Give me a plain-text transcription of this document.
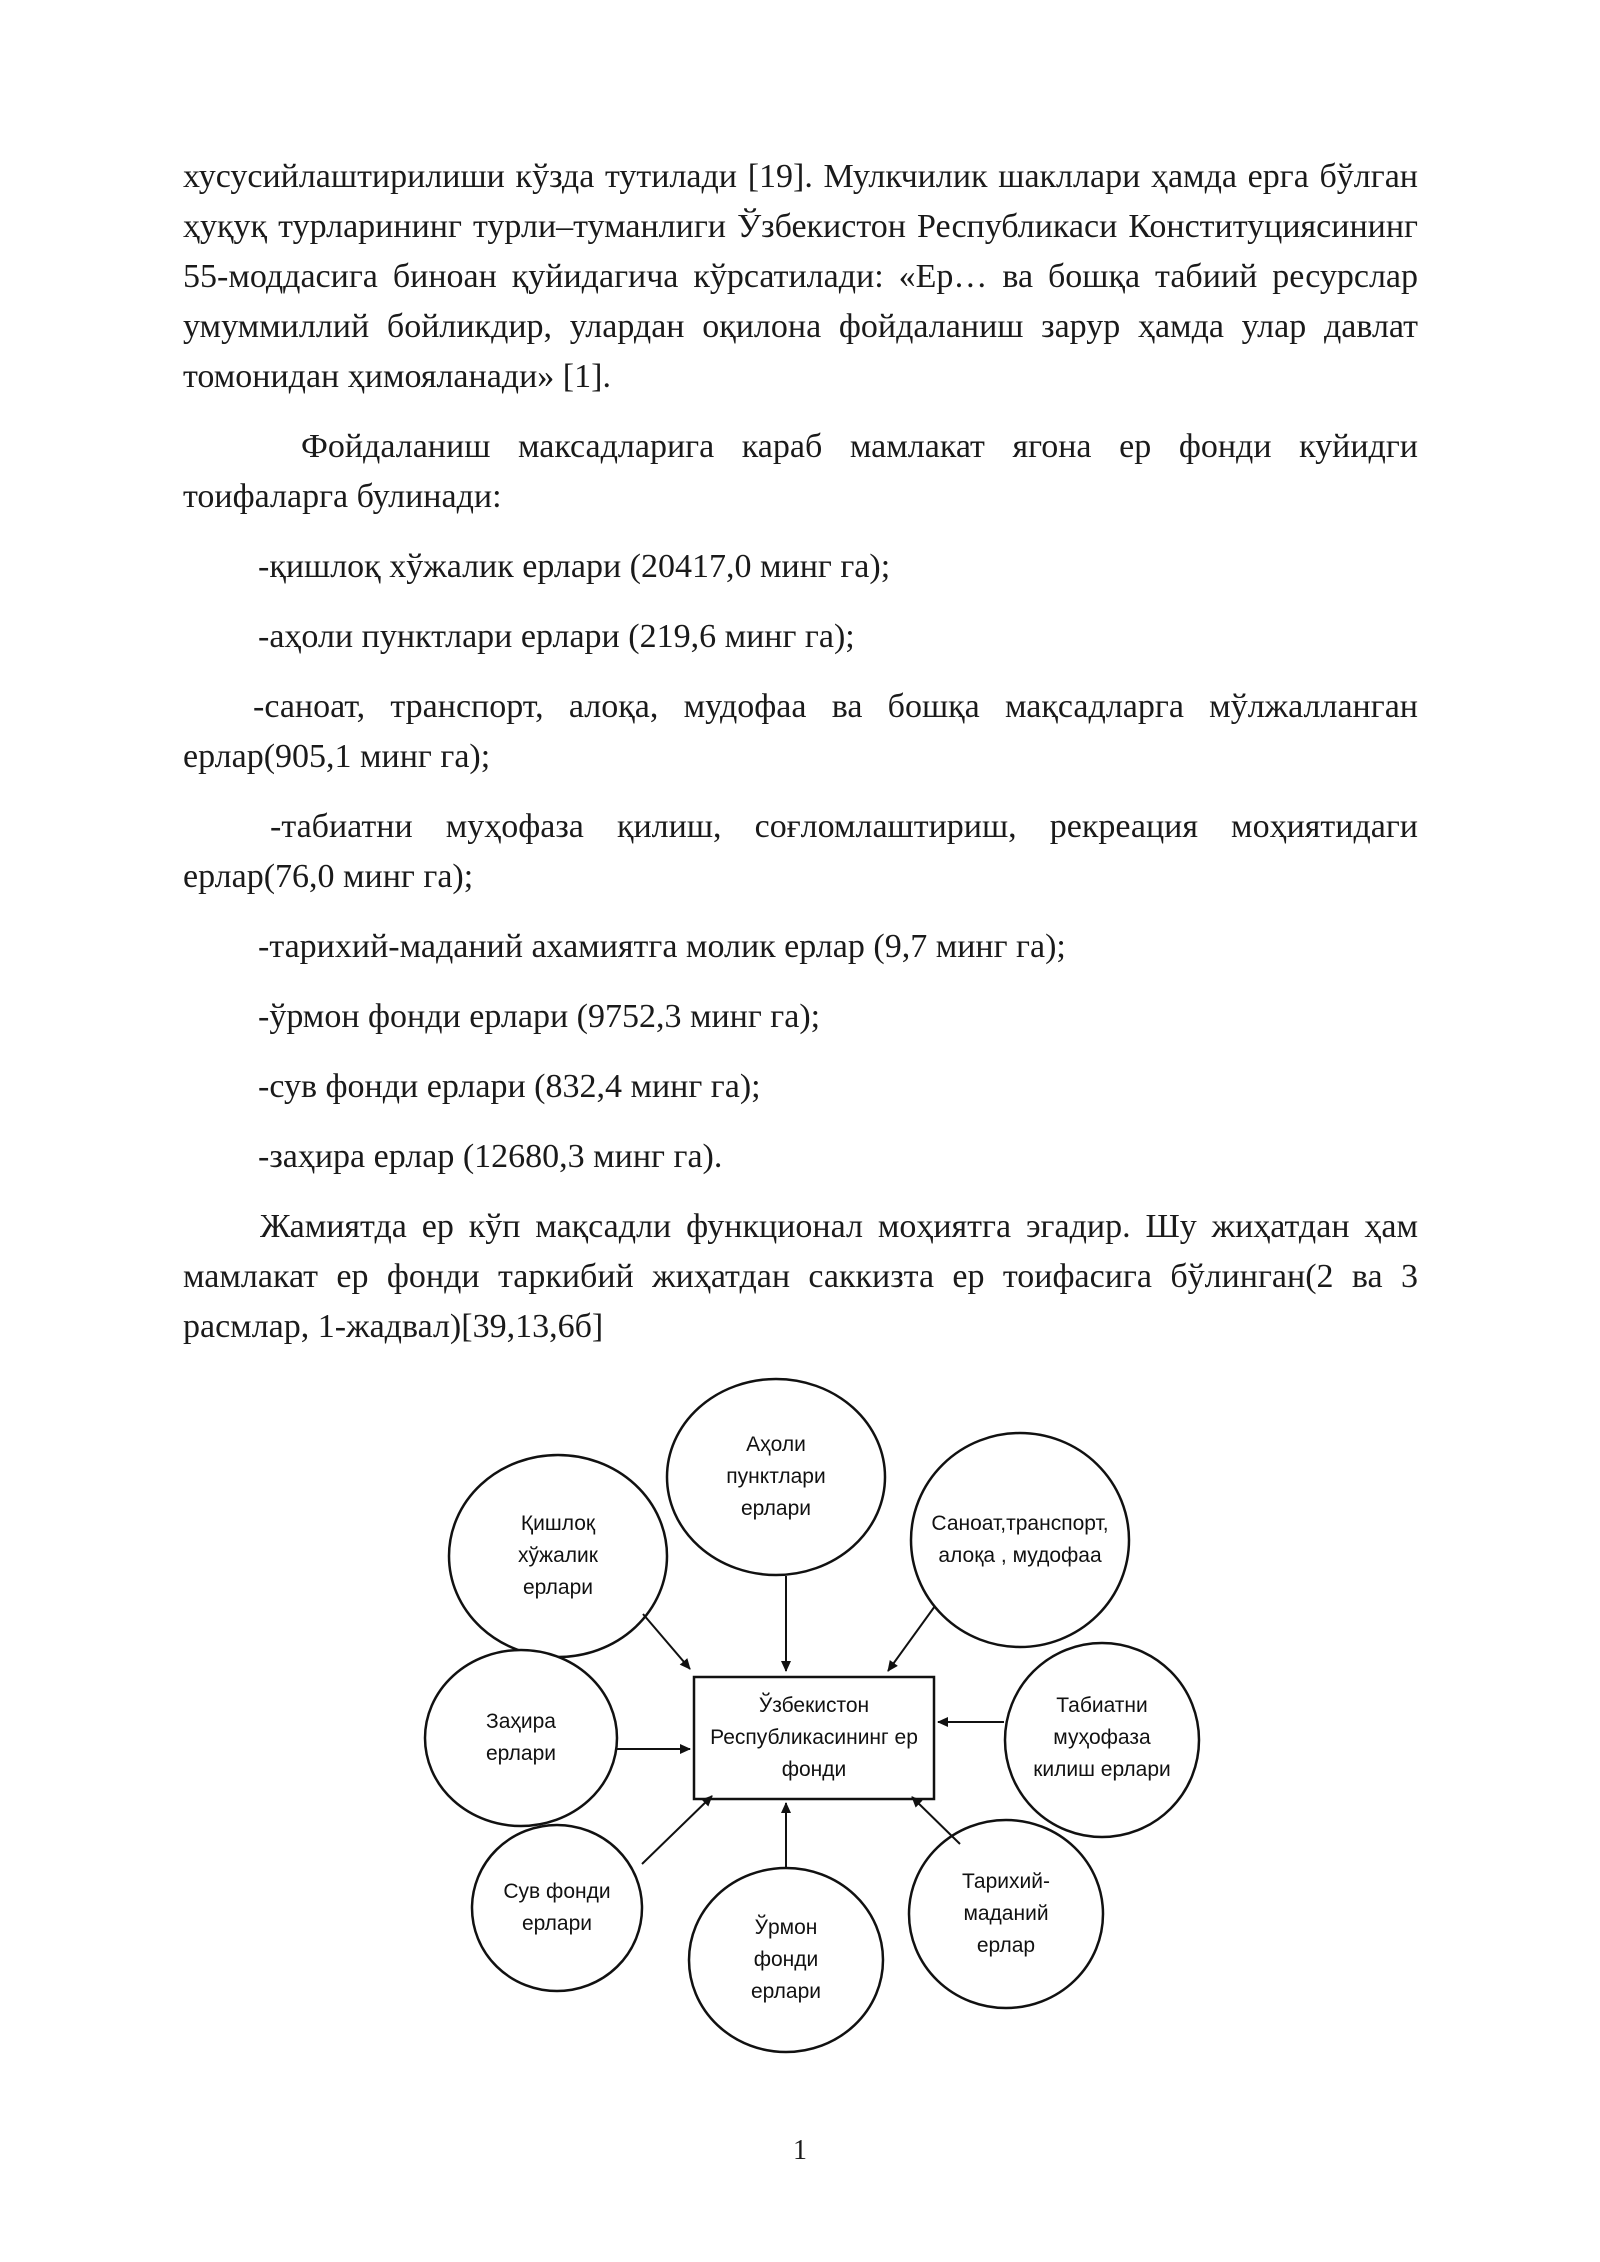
хусусийлаштирилиши кўзда тутилади [19]. Мулкчилик шакллари ҳамда ерга бўлган ҳуқуқ турларининг турли–туманлиги Ўзбекистон Республикаси Конституциясининг 55-моддасига биноан қуйидагича кўрсатилади: «Ер… ва бошқа табиий ресурслар умуммиллий бойликдир, улардан оқилона фойдаланиш зарур ҳамда улар давлат томонидан ҳимояланади» [1].

Фойдаланиш максадларига караб мамлакат ягона ер фонди куйидги тоифаларга булинади:

-қишлоқ хўжалик ерлари (20417,0 минг га);

-аҳоли пунктлари ерлари (219,6 минг га);

-саноат, транспорт, алоқа, мудофаа ва бошқа мақсадларга мўлжалланган ерлар(905,1 минг га);

-табиатни муҳофаза қилиш, соғломлаштириш, рекреация моҳиятидаги ерлар(76,0 минг га);

-тарихий-маданий ахамиятга молик ерлар (9,7 минг га);

-ўрмон фонди ерлари (9752,3 минг га);

-сув фонди ерлари (832,4 минг га);

-заҳира ерлар (12680,3 минг га).

Жамиятда ер кўп мақсадли функционал моҳиятга эгадир. Шу жиҳатдан ҳам мамлакат ер фонди таркибий жиҳатдан саккизта ер тоифасига бўлинган(2 ва 3 расмлар, 1-жадвал)[39,13,6б]

Ўзбекистон Республикасининг ер фонди
Қишлоқ хўжалик ерлари
Аҳоли пунктлари ерлари
Саноат,транспорт, алоқа , мудофаа
Заҳира ерлари
Табиатни муҳофаза килиш ерлари
Сув фонди ерлари	Ўрмон фонди ерлари
Тарихий-маданий ерлар
1
